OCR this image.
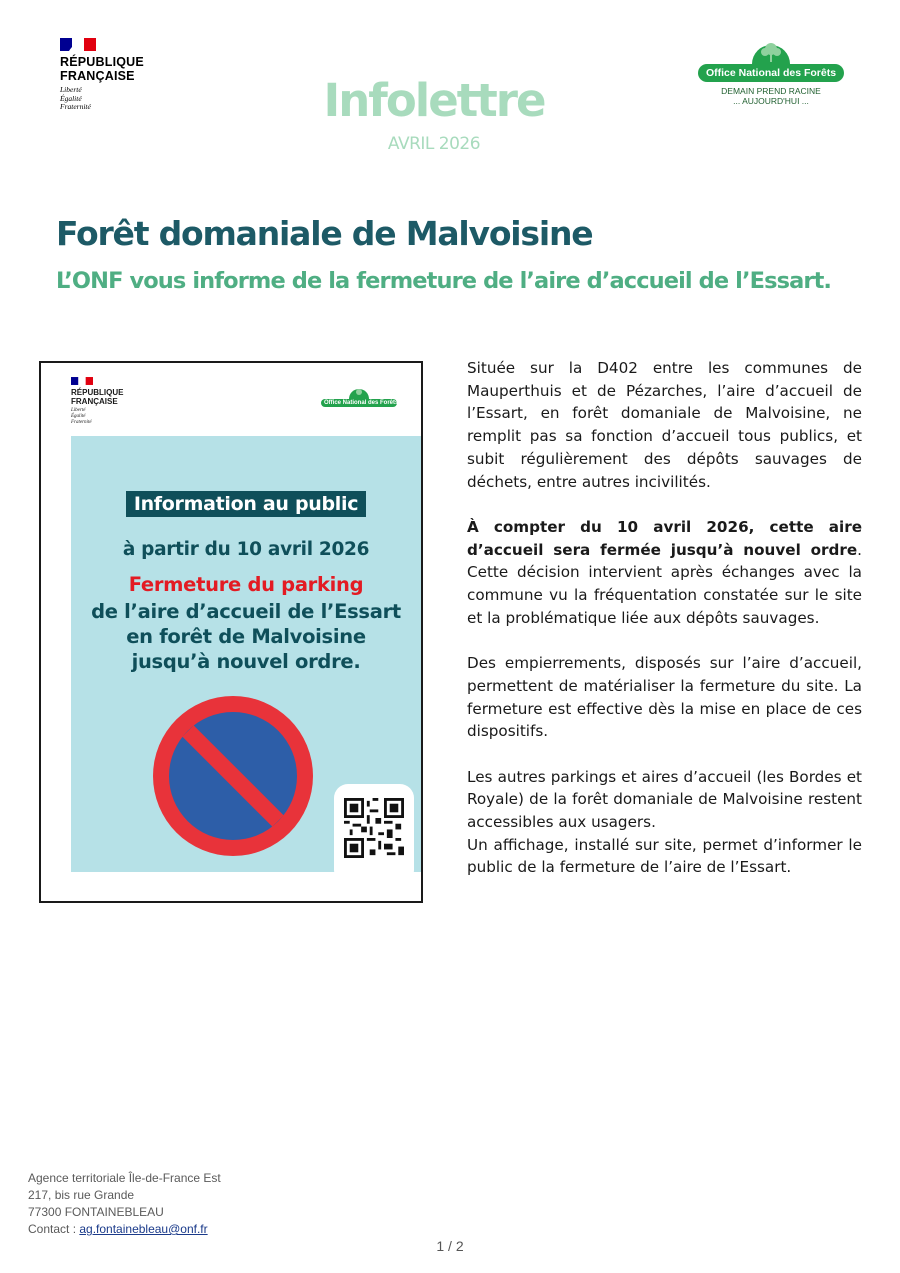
RÉPUBLIQUE
FRANÇAISE
Liberté
Égalité
Fraternité	Infolettre
AVRIL 2026
Office National des Forêts
DEMAIN PREND RACINE
... AUJOURD'HUI ...
Forêt domaniale de Malvoisine
L’ONF vous informe de la fermeture de l’aire d’accueil de l’Essart.
RÉPUBLIQUE
FRANÇAISE
Liberté
Égalité
Fraternité
Office National des Forêts
Information au public
à partir du 10 avril 2026
Fermeture du parking
de l’aire d’accueil de l’Essart
en forêt de Malvoisine
jusqu’à nouvel ordre.

Située sur la D402 entre les communes de Mauperthuis et de Pézarches, l’aire d’accueil de l’Essart, en forêt domaniale de Malvoisine, ne remplit pas sa fonction d’accueil tous publics, et subit régulièrement des dépôts sauvages de déchets, entre autres incivilités.

À compter du 10 avril 2026, cette aire d’accueil sera fermée jusqu’à nouvel ordre. Cette décision intervient après échanges avec la commune vu la fréquentation constatée sur le site et la problématique liée aux dépôts sauvages.

Des empierrements, disposés sur l’aire d’accueil, permettent de matérialiser la fermeture du site. La fermeture est effective dès la mise en place de ces dispositifs.

Les autres parkings et aires d’accueil (les Bordes et Royale) de la forêt domaniale de Malvoisine restent accessibles aux usagers.

Un affichage, installé sur site, permet d’informer le public de la fermeture de l’aire de l’Essart.

Agence territoriale Île-de-France Est
217, bis rue Grande
77300 FONTAINEBLEAU
Contact : ag.fontainebleau@onf.fr
1 / 2
